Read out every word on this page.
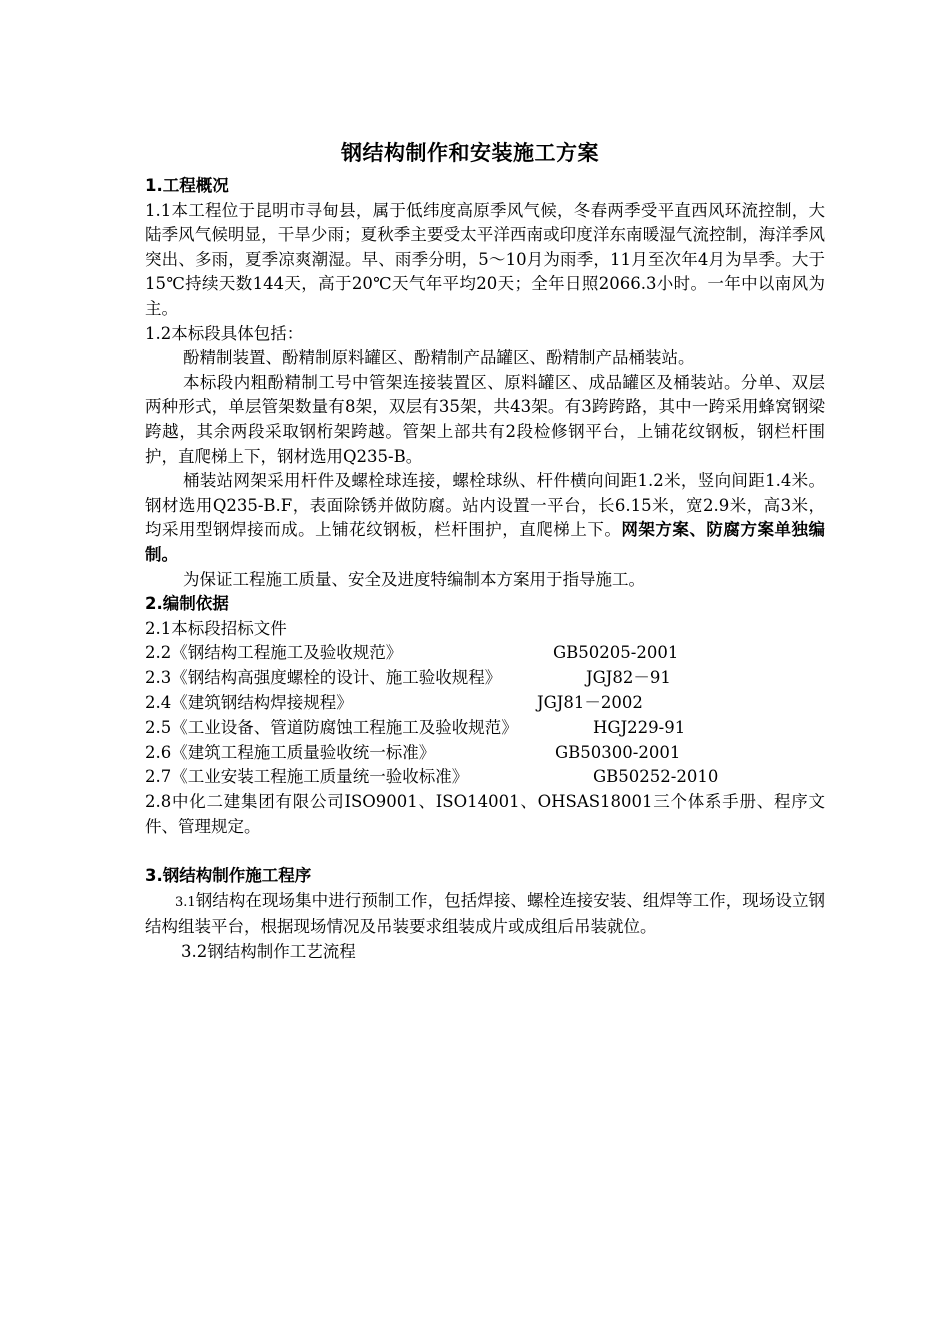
钢结构制作和安装施工方案

1.工程概况

1.1本工程位于昆明市寻甸县，属于低纬度高原季风气候，冬春两季受平直西风环流控制，大陆季风气候明显，干旱少雨；夏秋季主要受太平洋西南或印度洋东南暖湿气流控制，海洋季风突出、多雨，夏季凉爽潮湿。早、雨季分明，5～10月为雨季，11月至次年4月为旱季。大于15℃持续天数144天，高于20℃天气年平均20天；全年日照2066.3小时。一年中以南风为主。

1.2本标段具体包括：

酚精制装置、酚精制原料罐区、酚精制产品罐区、酚精制产品桶装站。

本标段内粗酚精制工号中管架连接装置区、原料罐区、成品罐区及桶装站。分单、双层两种形式，单层管架数量有8架，双层有35架，共43架。有3跨跨路，其中一跨采用蜂窝钢梁跨越，其余两段采取钢桁架跨越。管架上部共有2段检修钢平台，上铺花纹钢板，钢栏杆围护，直爬梯上下，钢材选用Q235-B。

桶装站网架采用杆件及螺栓球连接，螺栓球纵、杆件横向间距1.2米，竖向间距1.4米。钢材选用Q235-B.F，表面除锈并做防腐。站内设置一平台，长6.15米，宽2.9米，高3米，均采用型钢焊接而成。上铺花纹钢板，栏杆围护，直爬梯上下。网架方案、防腐方案单独编制。

为保证工程施工质量、安全及进度特编制本方案用于指导施工。

2.编制依据

2.1本标段招标文件
2.2《钢结构工程施工及验收规范》	GB50205-2001
2.3《钢结构高强度螺栓的设计、施工验收规程》	JGJ82－91
2.4《建筑钢结构焊接规程》	JGJ81－2002
2.5《工业设备、管道防腐蚀工程施工及验收规范》	HGJ229-91
2.6《建筑工程施工质量验收统一标准》	GB50300-2001
2.7《工业安装工程施工质量统一验收标准》	GB50252-2010

2.8中化二建集团有限公司ISO9001、ISO14001、OHSAS18001三个体系手册、程序文件、管理规定。

3.钢结构制作施工程序

3.1钢结构在现场集中进行预制工作，包括焊接、螺栓连接安装、组焊等工作，现场设立钢结构组装平台，根据现场情况及吊装要求组装成片或成组后吊装就位。

3.2钢结构制作工艺流程
